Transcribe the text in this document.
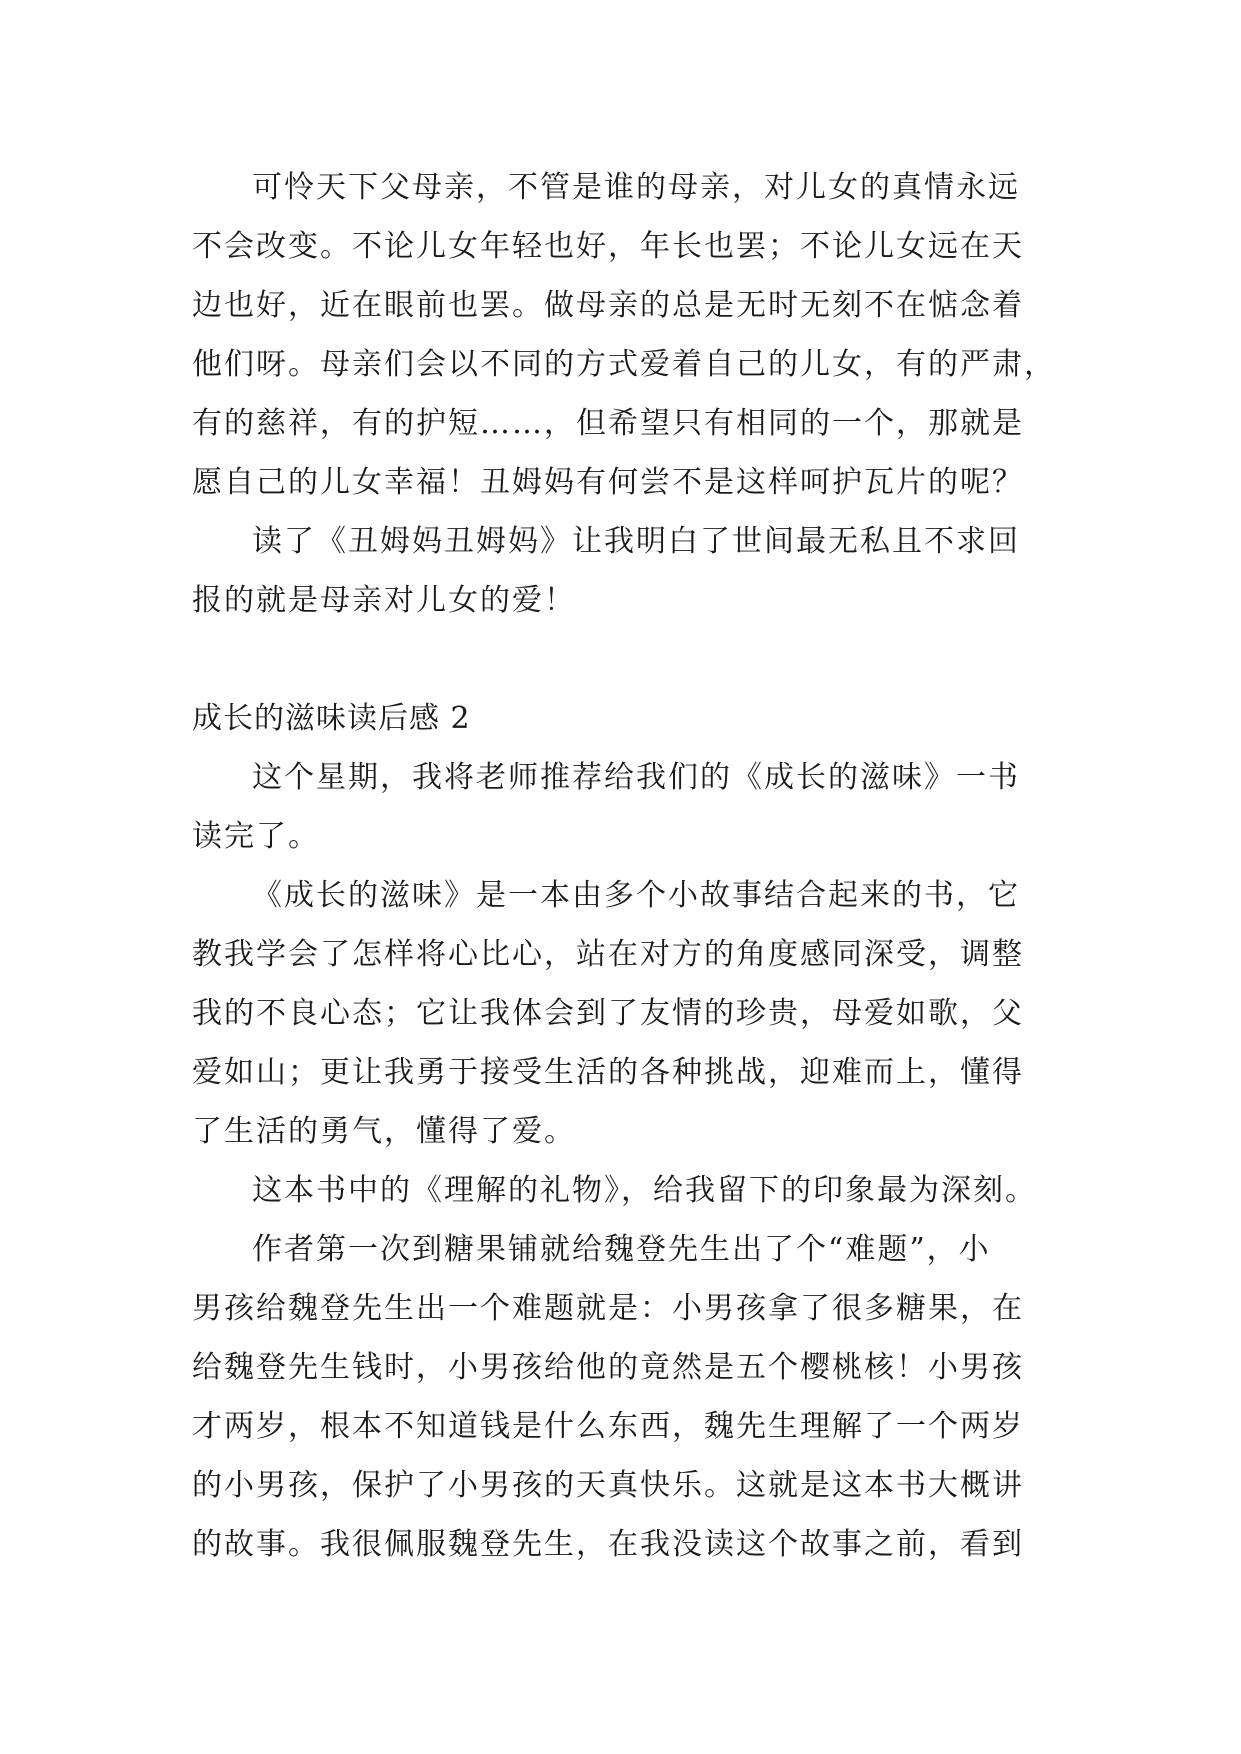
可怜天下父母亲，不管是谁的母亲，对儿女的真情永远
不会改变。不论儿女年轻也好，年长也罢；不论儿女远在天
边也好，近在眼前也罢。做母亲的总是无时无刻不在惦念着
他们呀。母亲们会以不同的方式爱着自己的儿女，有的严肃，
有的慈祥，有的护短……，但希望只有相同的一个，那就是
愿自己的儿女幸福！丑姆妈有何尝不是这样呵护瓦片的呢？
读了《丑姆妈丑姆妈》让我明白了世间最无私且不求回
报的就是母亲对儿女的爱！
成长的滋味读后感 2
这个星期，我将老师推荐给我们的《成长的滋味》一书
读完了。
《成长的滋味》是一本由多个小故事结合起来的书，它
教我学会了怎样将心比心，站在对方的角度感同深受，调整
我的不良心态；它让我体会到了友情的珍贵，母爱如歌，父
爱如山；更让我勇于接受生活的各种挑战，迎难而上，懂得
了生活的勇气，懂得了爱。
这本书中的《理解的礼物》，给我留下的印象最为深刻。
作者第一次到糖果铺就给魏登先生出了个“难题”，小
男孩给魏登先生出一个难题就是：小男孩拿了很多糖果，在
给魏登先生钱时，小男孩给他的竟然是五个樱桃核！小男孩
才两岁，根本不知道钱是什么东西，魏先生理解了一个两岁
的小男孩，保护了小男孩的天真快乐。这就是这本书大概讲
的故事。我很佩服魏登先生，在我没读这个故事之前，看到
